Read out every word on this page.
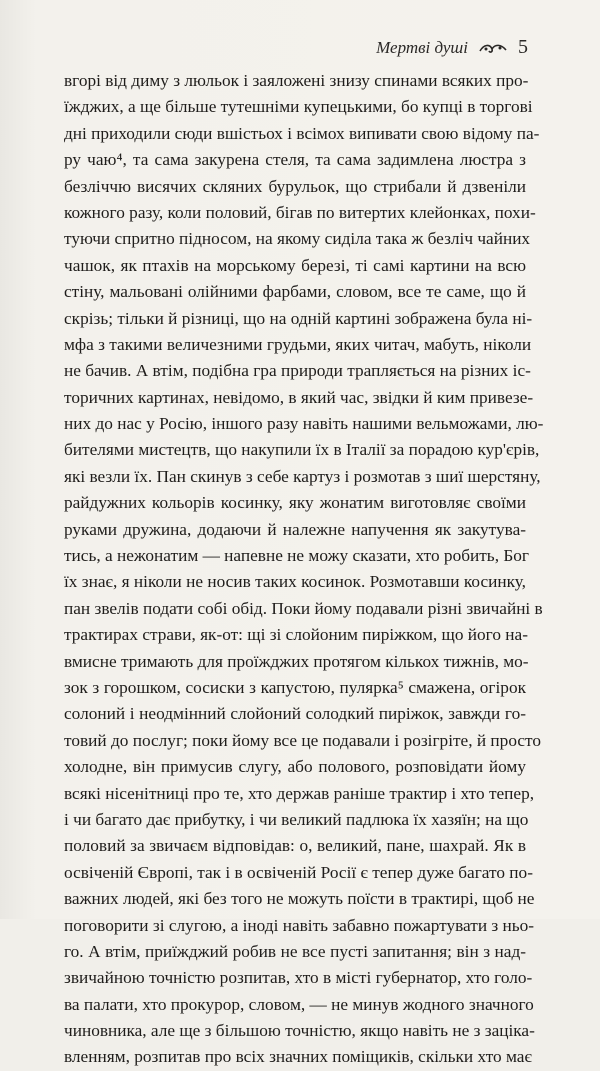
Мертві душі	5
вгорі від диму з люльок і заяложені знизу спинами всяких про-
їжджих, а ще більше тутешніми купецькими, бо купці в торгові
дні приходили сюди вшістьох і всімох випивати свою відому па-
ру чаю⁴, та сама закурена стеля, та сама задимлена люстра з
безліччю висячих скляних бурульок, що стрибали й дзвеніли
кожного разу, коли половий, бігав по витертих клейонках, похи-
туючи спритно підносом, на якому сиділа така ж безліч чайних
чашок, як птахів на морському березі, ті самі картини на всю
стіну, мальовані олійними фарбами, словом, все те саме, що й
скрізь; тільки й різниці, що на одній картині зображена була ні-
мфа з такими величезними грудьми, яких читач, мабуть, ніколи
не бачив. А втім, подібна гра природи трапляється на різних іс-
торичних картинах, невідомо, в який час, звідки й ким привезе-
них до нас у Росію, іншого разу навіть нашими вельможами, лю-
бителями мистецтв, що накупили їх в Італії за порадою кур'єрів,
які везли їх. Пан скинув з себе картуз і розмотав з шиї шерстяну,
райдужних кольорів косинку, яку жонатим виготовляє своїми
руками дружина, додаючи й належне напучення як закутува-
тись, а нежонатим — напевне не можу сказати, хто робить, Бог
їх знає, я ніколи не носив таких косинок. Розмотавши косинку,
пан звелів подати собі обід. Поки йому подавали різні звичайні в
трактирах страви, як-от: щі зі слойоним пиріжком, що його на-
вмисне тримають для проїжджих протягом кількох тижнів, мо-
зок з горошком, сосиски з капустою, пулярка⁵ смажена, огірок
солоний і неодмінний слойоний солодкий пиріжок, завжди го-
товий до послуг; поки йому все це подавали і розігріте, й просто
холодне, він примусив слугу, або полового, розповідати йому
всякі нісенітниці про те, хто держав раніше трактир і хто тепер,
і чи багато дає прибутку, і чи великий падлюка їх хазяїн; на що
половий за звичаєм відповідав: о, великий, пане, шахрай. Як в
освіченій Європі, так і в освіченій Росії є тепер дуже багато по-
важних людей, які без того не можуть поїсти в трактирі, щоб не
поговорити зі слугою, а іноді навіть забавно пожартувати з ньо-
го. А втім, приїжджий робив не все пусті запитання; він з над-
звичайною точністю розпитав, хто в місті губернатор, хто голо-
ва палати, хто прокурор, словом, — не минув жодного значного
чиновника, але ще з більшою точністю, якщо навіть не з заціка-
вленням, розпитав про всіх значних поміщиків, скільки хто має
